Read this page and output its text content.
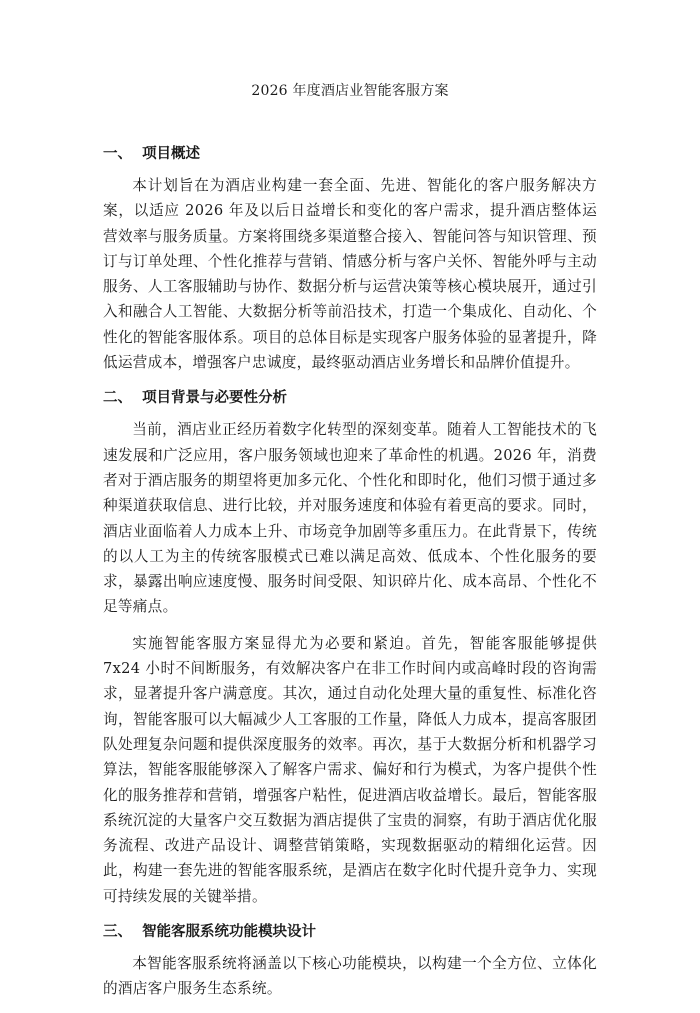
2026 年度酒店业智能客服方案
一、 项目概述

本计划旨在为酒店业构建一套全面、先进、智能化的客户服务解决方案，以适应 2026 年及以后日益增长和变化的客户需求，提升酒店整体运营效率与服务质量。方案将围绕多渠道整合接入、智能问答与知识管理、预订与订单处理、个性化推荐与营销、情感分析与客户关怀、智能外呼与主动服务、人工客服辅助与协作、数据分析与运营决策等核心模块展开，通过引入和融合人工智能、大数据分析等前沿技术，打造一个集成化、自动化、个性化的智能客服体系。项目的总体目标是实现客户服务体验的显著提升，降低运营成本，增强客户忠诚度，最终驱动酒店业务增长和品牌价值提升。

二、 项目背景与必要性分析

当前，酒店业正经历着数字化转型的深刻变革。随着人工智能技术的飞速发展和广泛应用，客户服务领域也迎来了革命性的机遇。2026 年，消费者对于酒店服务的期望将更加多元化、个性化和即时化，他们习惯于通过多种渠道获取信息、进行比较，并对服务速度和体验有着更高的要求。同时，酒店业面临着人力成本上升、市场竞争加剧等多重压力。在此背景下，传统的以人工为主的传统客服模式已难以满足高效、低成本、个性化服务的要求，暴露出响应速度慢、服务时间受限、知识碎片化、成本高昂、个性化不足等痛点。

实施智能客服方案显得尤为必要和紧迫。首先，智能客服能够提供 7x24 小时不间断服务，有效解决客户在非工作时间内或高峰时段的咨询需求，显著提升客户满意度。其次，通过自动化处理大量的重复性、标准化咨询，智能客服可以大幅减少人工客服的工作量，降低人力成本，提高客服团队处理复杂问题和提供深度服务的效率。再次，基于大数据分析和机器学习算法，智能客服能够深入了解客户需求、偏好和行为模式，为客户提供个性化的服务推荐和营销，增强客户粘性，促进酒店收益增长。最后，智能客服系统沉淀的大量客户交互数据为酒店提供了宝贵的洞察，有助于酒店优化服务流程、改进产品设计、调整营销策略，实现数据驱动的精细化运营。因此，构建一套先进的智能客服系统，是酒店在数字化时代提升竞争力、实现可持续发展的关键举措。

三、 智能客服系统功能模块设计

本智能客服系统将涵盖以下核心功能模块，以构建一个全方位、立体化的酒店客户服务生态系统。
